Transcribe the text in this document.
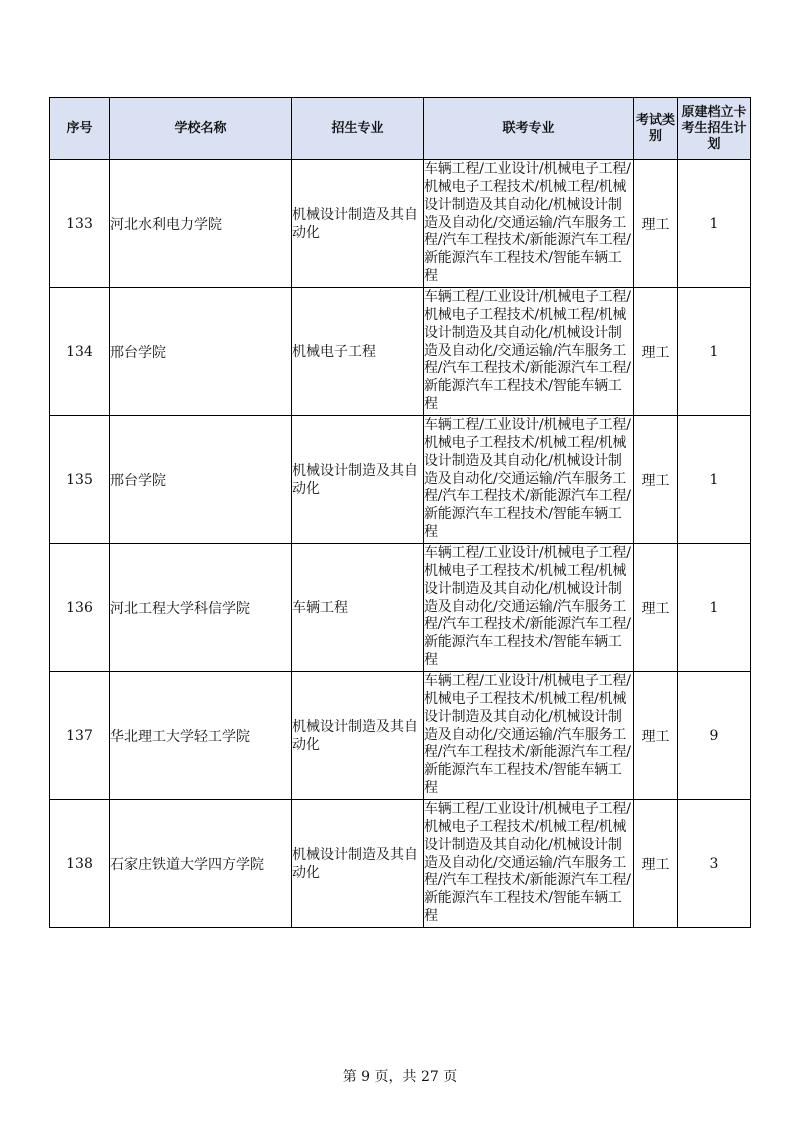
序号	学校名称	招生专业	联考专业	考试类别	原建档立卡考生招生计划
133	河北水利电力学院	机械设计制造及其自动化	车辆工程/工业设计/机械电子工程/机械电子工程技术/机械工程/机械设计制造及其自动化/机械设计制造及自动化/交通运输/汽车服务工程/汽车工程技术/新能源汽车工程/新能源汽车工程技术/智能车辆工程	理工	1
134	邢台学院	机械电子工程	车辆工程/工业设计/机械电子工程/机械电子工程技术/机械工程/机械设计制造及其自动化/机械设计制造及自动化/交通运输/汽车服务工程/汽车工程技术/新能源汽车工程/新能源汽车工程技术/智能车辆工程	理工	1
135	邢台学院	机械设计制造及其自动化	车辆工程/工业设计/机械电子工程/机械电子工程技术/机械工程/机械设计制造及其自动化/机械设计制造及自动化/交通运输/汽车服务工程/汽车工程技术/新能源汽车工程/新能源汽车工程技术/智能车辆工程	理工	1
136	河北工程大学科信学院	车辆工程	车辆工程/工业设计/机械电子工程/机械电子工程技术/机械工程/机械设计制造及其自动化/机械设计制造及自动化/交通运输/汽车服务工程/汽车工程技术/新能源汽车工程/新能源汽车工程技术/智能车辆工程	理工	1
137	华北理工大学轻工学院	机械设计制造及其自动化	车辆工程/工业设计/机械电子工程/机械电子工程技术/机械工程/机械设计制造及其自动化/机械设计制造及自动化/交通运输/汽车服务工程/汽车工程技术/新能源汽车工程/新能源汽车工程技术/智能车辆工程	理工	9
138	石家庄铁道大学四方学院	机械设计制造及其自动化	车辆工程/工业设计/机械电子工程/机械电子工程技术/机械工程/机械设计制造及其自动化/机械设计制造及自动化/交通运输/汽车服务工程/汽车工程技术/新能源汽车工程/新能源汽车工程技术/智能车辆工程	理工	3
第 9 页，共 27 页
